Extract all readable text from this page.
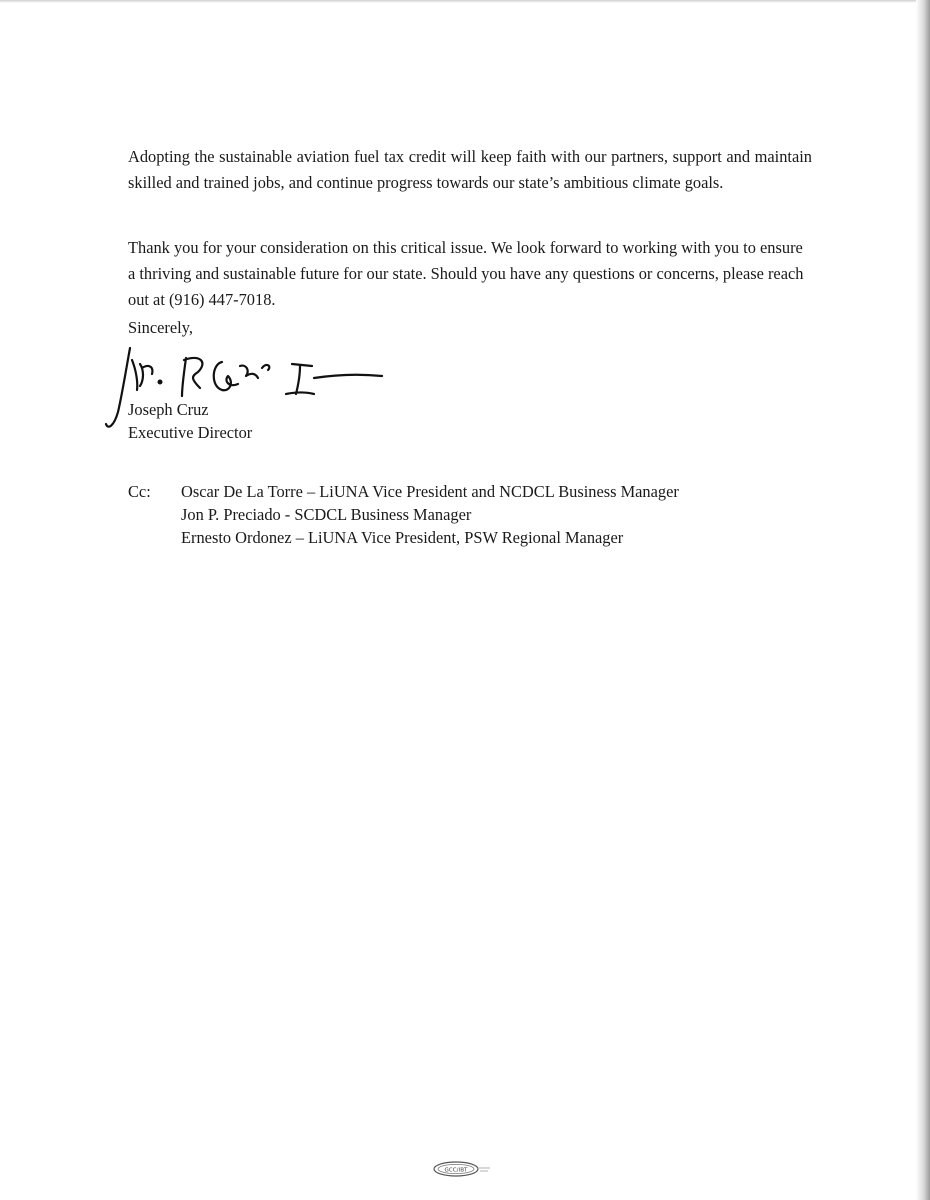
Adopting the sustainable aviation fuel tax credit will keep faith with our partners, support and maintain skilled and trained jobs, and continue progress towards our state’s ambitious climate goals.

Thank you for your consideration on this critical issue. We look forward to working with you to ensure a thriving and sustainable future for our state. Should you have any questions or concerns, please reach out at (916) 447-7018.

Sincerely,

Joseph Cruz
Executive Director
Cc: Oscar De La Torre – LiUNA Vice President and NCDCL Business Manager
Jon P. Preciado - SCDCL Business Manager
Ernesto Ordonez – LiUNA Vice President, PSW Regional Manager
GCC/IBT
